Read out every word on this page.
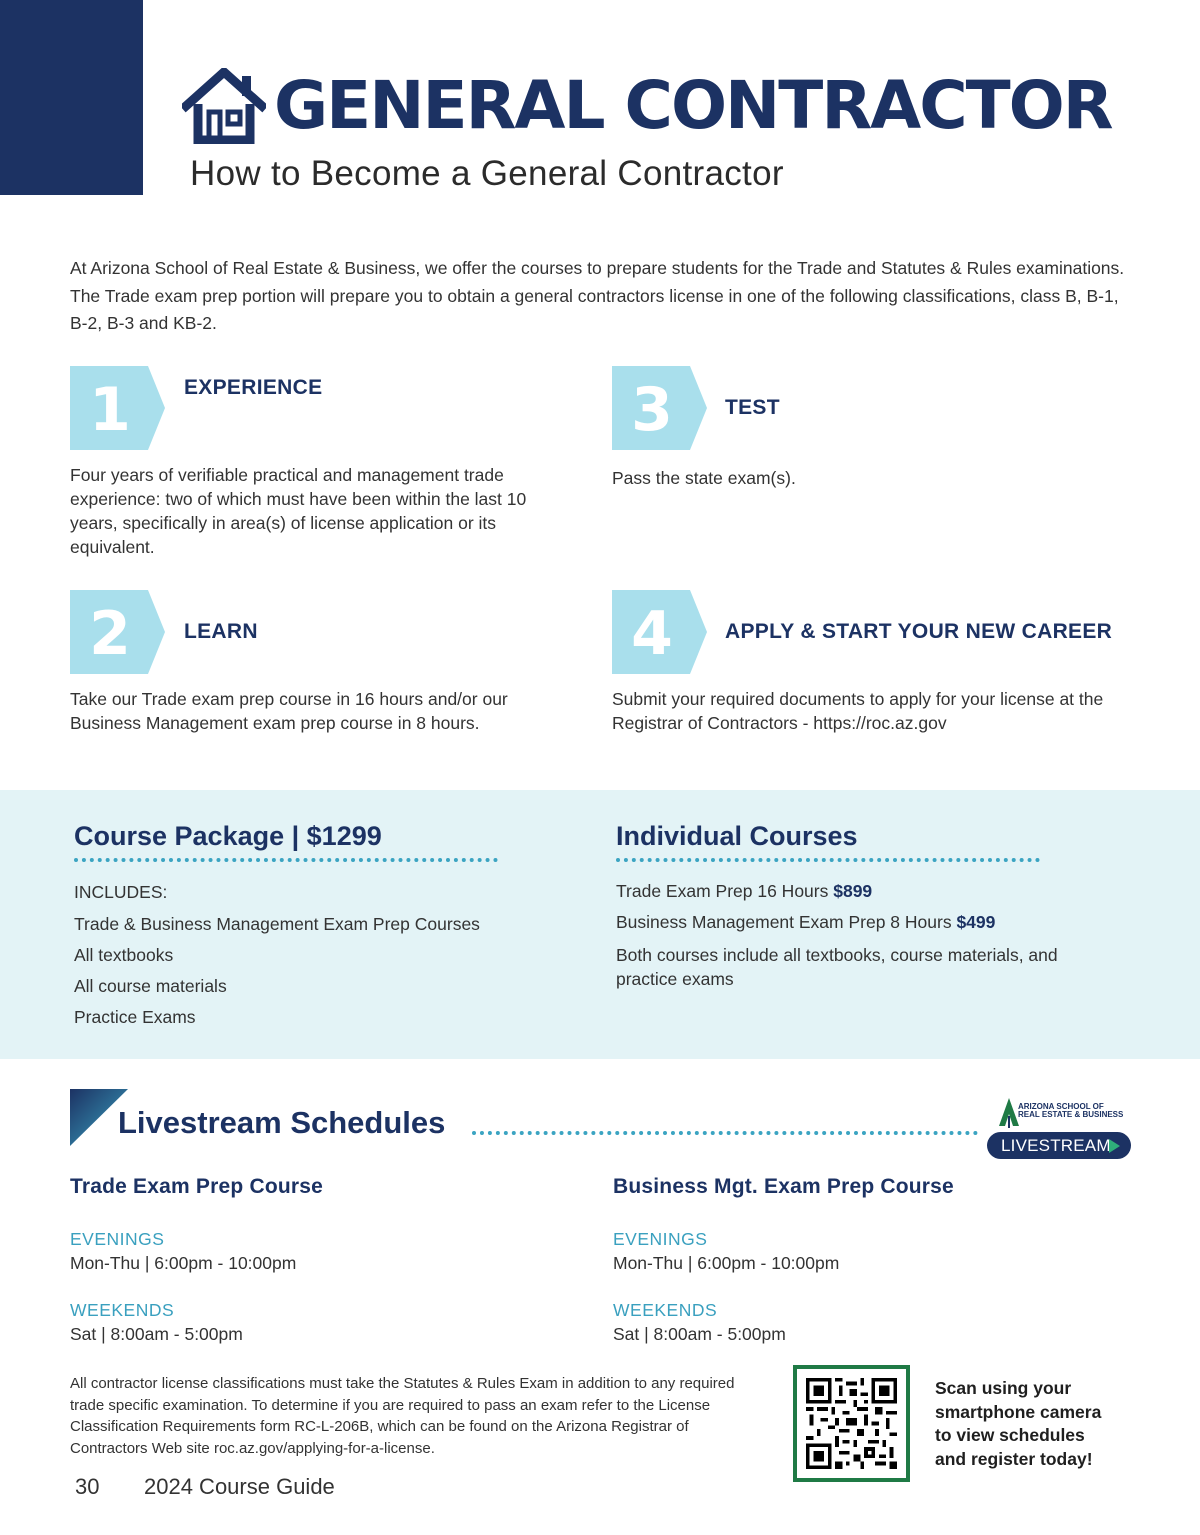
GENERAL CONTRACTOR
How to Become a General Contractor

At Arizona School of Real Estate & Business, we offer the courses to prepare students for the Trade and Statutes & Rules examinations. The Trade exam prep portion will prepare you to obtain a general contractors license in one of the following classifications, class B, B-1, B-2, B-3 and KB-2.

1	EXPERIENCE

Four years of verifiable practical and management trade experience: two of which must have been within the last 10 years, specifically in area(s) of license application or its equivalent.

3	TEST

Pass the state exam(s).

2	LEARN

Take our Trade exam prep course in 16 hours and/or our Business Management exam prep course in 8 hours.

4	APPLY & START YOUR NEW CAREER

Submit your required documents to apply for your license at the Registrar of Contractors - https://roc.az.gov

Course Package | $1299
INCLUDES:
Trade & Business Management Exam Prep Courses
All textbooks
All course materials
Practice Exams
Individual Courses
Trade Exam Prep 16 Hours $899
Business Management Exam Prep 8 Hours $499

Both courses include all textbooks, course materials, and practice exams

Livestream Schedules	ARIZONA SCHOOL OF
REAL ESTATE & BUSINESS
LIVESTREAM
Trade Exam Prep Course
EVENINGS
Mon-Thu | 6:00pm - 10:00pm
WEEKENDS
Sat | 8:00am - 5:00pm
Business Mgt. Exam Prep Course
EVENINGS
Mon-Thu | 6:00pm - 10:00pm
WEEKENDS
Sat | 8:00am - 5:00pm

All contractor license classifications must take the Statutes & Rules Exam in addition to any required trade specific examination. To determine if you are required to pass an exam refer to the License Classification Requirements form RC-L-206B, which can be found on the Arizona Registrar of Contractors Web site roc.az.gov/applying-for-a-license.

Scan using your
smartphone camera
to view schedules
and register today!
30 2024 Course Guide
